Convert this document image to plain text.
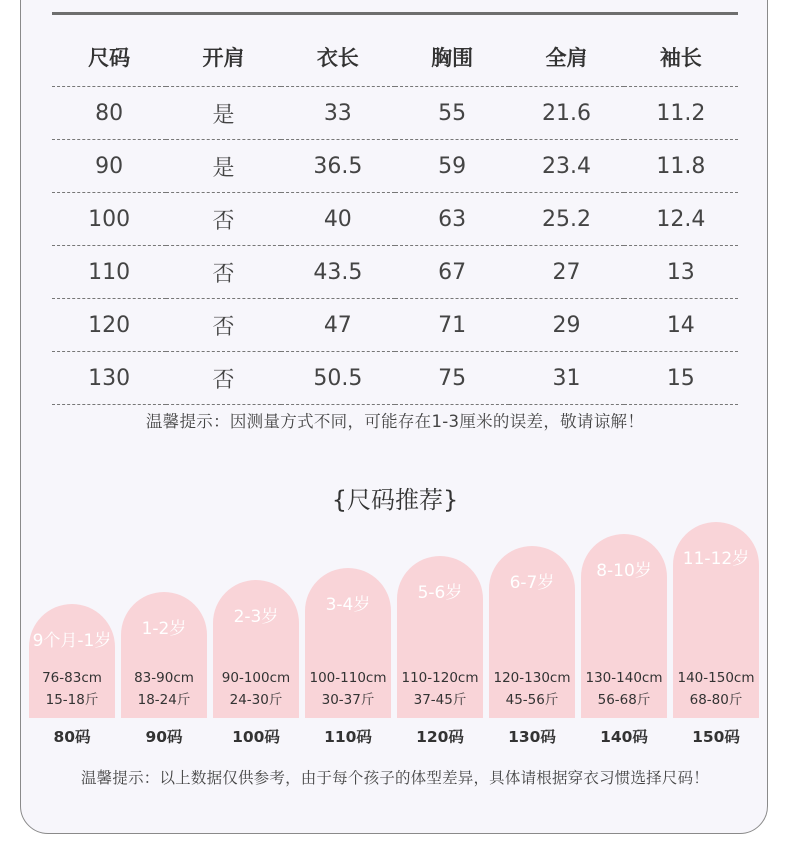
尺码	开肩	衣长	胸围	全肩	袖长
80	是	33	55	21.6	11.2
90	是	36.5	59	23.4	11.8
100	否	40	63	25.2	12.4
110	否	43.5	67	27	13
120	否	47	71	29	14
130	否	50.5	75	31	15
温馨提示：因测量方式不同，可能存在1-3厘米的误差，敬请谅解！
{尺码推荐}
9个月-1岁
76-83cm
15-18斤
1-2岁
83-90cm
18-24斤
2-3岁
90-100cm
24-30斤
3-4岁
100-110cm
30-37斤
5-6岁
110-120cm
37-45斤
6-7岁
120-130cm
45-56斤
8-10岁
130-140cm
56-68斤
11-12岁
140-150cm
68-80斤
80码	90码	100码	110码	120码	130码	140码	150码
温馨提示：以上数据仅供参考，由于每个孩子的体型差异，具体请根据穿衣习惯选择尺码！
